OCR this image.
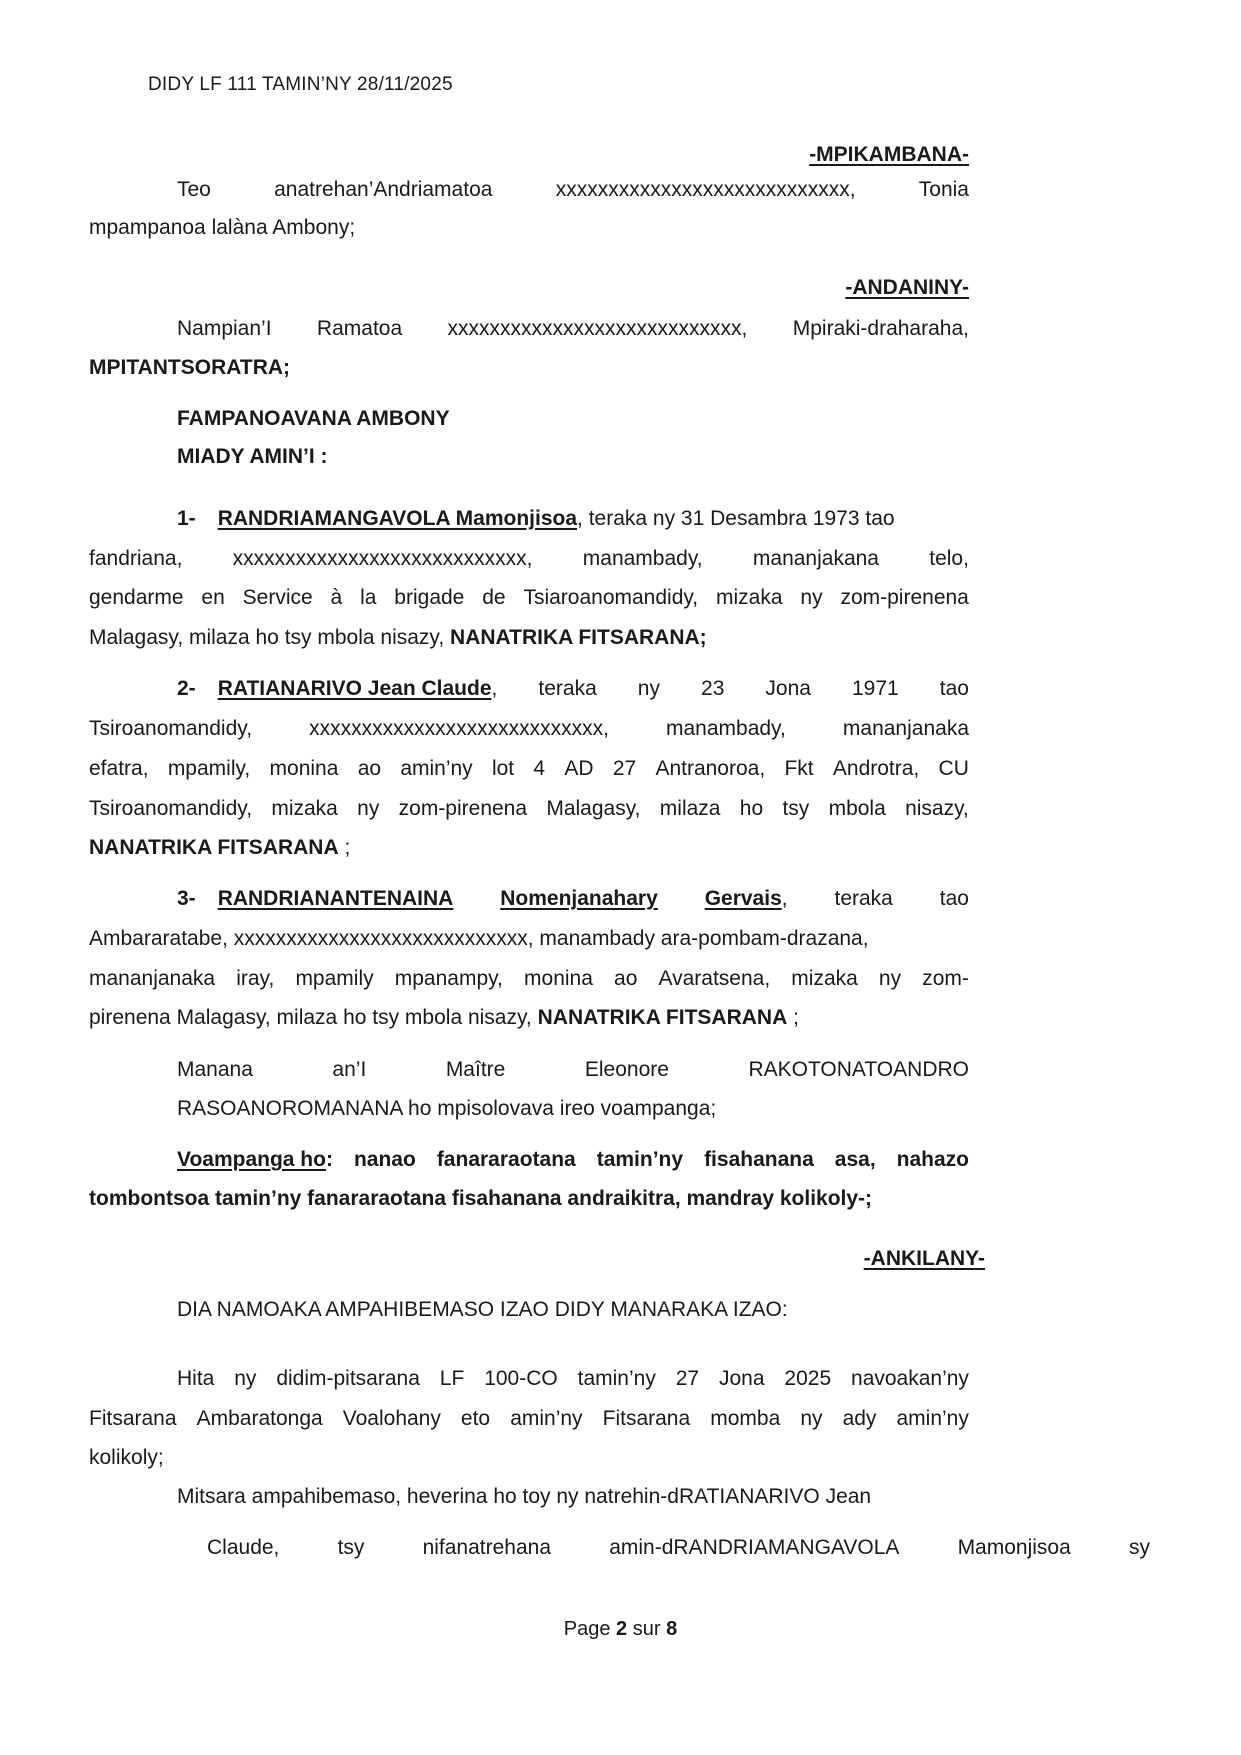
DIDY LF 111 TAMIN’NY 28/11/2025
-MPIKAMBANA-
Teo	anatrehan’Andriamatoa	xxxxxxxxxxxxxxxxxxxxxxxxxxxx,	Tonia
mpampanoa lalàna Ambony;
-ANDANINY-
Nampian’I Ramatoa xxxxxxxxxxxxxxxxxxxxxxxxxxxx, Mpiraki-draharaha,
MPITANTSORATRA;
FAMPANOAVANA AMBONY
MIADY AMIN’I :
1- RANDRIAMANGAVOLA Mamonjisoa , teraka ny 31 Desambra 1973 tao
fandriana, xxxxxxxxxxxxxxxxxxxxxxxxxxxx, manambady, mananjakana telo,
gendarme en Service à la brigade de Tsiaroanomandidy, mizaka ny zom-pirenena
Malagasy, milaza ho tsy mbola nisazy, NANATRIKA FITSARANA;
2- RATIANARIVO Jean Claude , teraka ny 23 Jona 1971 tao
Tsiroanomandidy,	xxxxxxxxxxxxxxxxxxxxxxxxxxxx,	manambady,	mananjanaka
efatra, mpamily, monina ao amin’ny lot 4 AD 27 Antranoroa, Fkt Androtra, CU
Tsiroanomandidy, mizaka ny zom-pirenena Malagasy, milaza ho tsy mbola nisazy,
NANATRIKA FITSARANA ;
3- RANDRIANANTENAINA Nomenjanahary Gervais , teraka tao
Ambararatabe, xxxxxxxxxxxxxxxxxxxxxxxxxxxx, manambady ara-pombam-drazana,
mananjanaka iray, mpamily mpanampy, monina ao Avaratsena, mizaka ny zom-
pirenena Malagasy, milaza ho tsy mbola nisazy, NANATRIKA FITSARANA ;
Manana	an’I	Maître	Eleonore	RAKOTONATOANDRO
RASOANOROMANANA ho mpisolovava ireo voampanga;
Voampanga ho : nanao fanararaotana tamin’ny fisahanana asa, nahazo
tombontsoa tamin’ny fanararaotana fisahanana andraikitra, mandray kolikoly-;
-ANKILANY-
DIA NAMOAKA AMPAHIBEMASO IZAO DIDY MANARAKA IZAO:
Hita ny didim-pitsarana LF 100-CO tamin’ny 27 Jona 2025 navoakan’ny
Fitsarana Ambaratonga Voalohany eto amin’ny Fitsarana momba ny ady amin’ny
kolikoly;
Mitsara ampahibemaso, heverina ho toy ny natrehin-dRATIANARIVO Jean
Claude,	tsy	nifanatrehana	amin-dRANDRIAMANGAVOLA	Mamonjisoa	sy
Page 2 sur 8
